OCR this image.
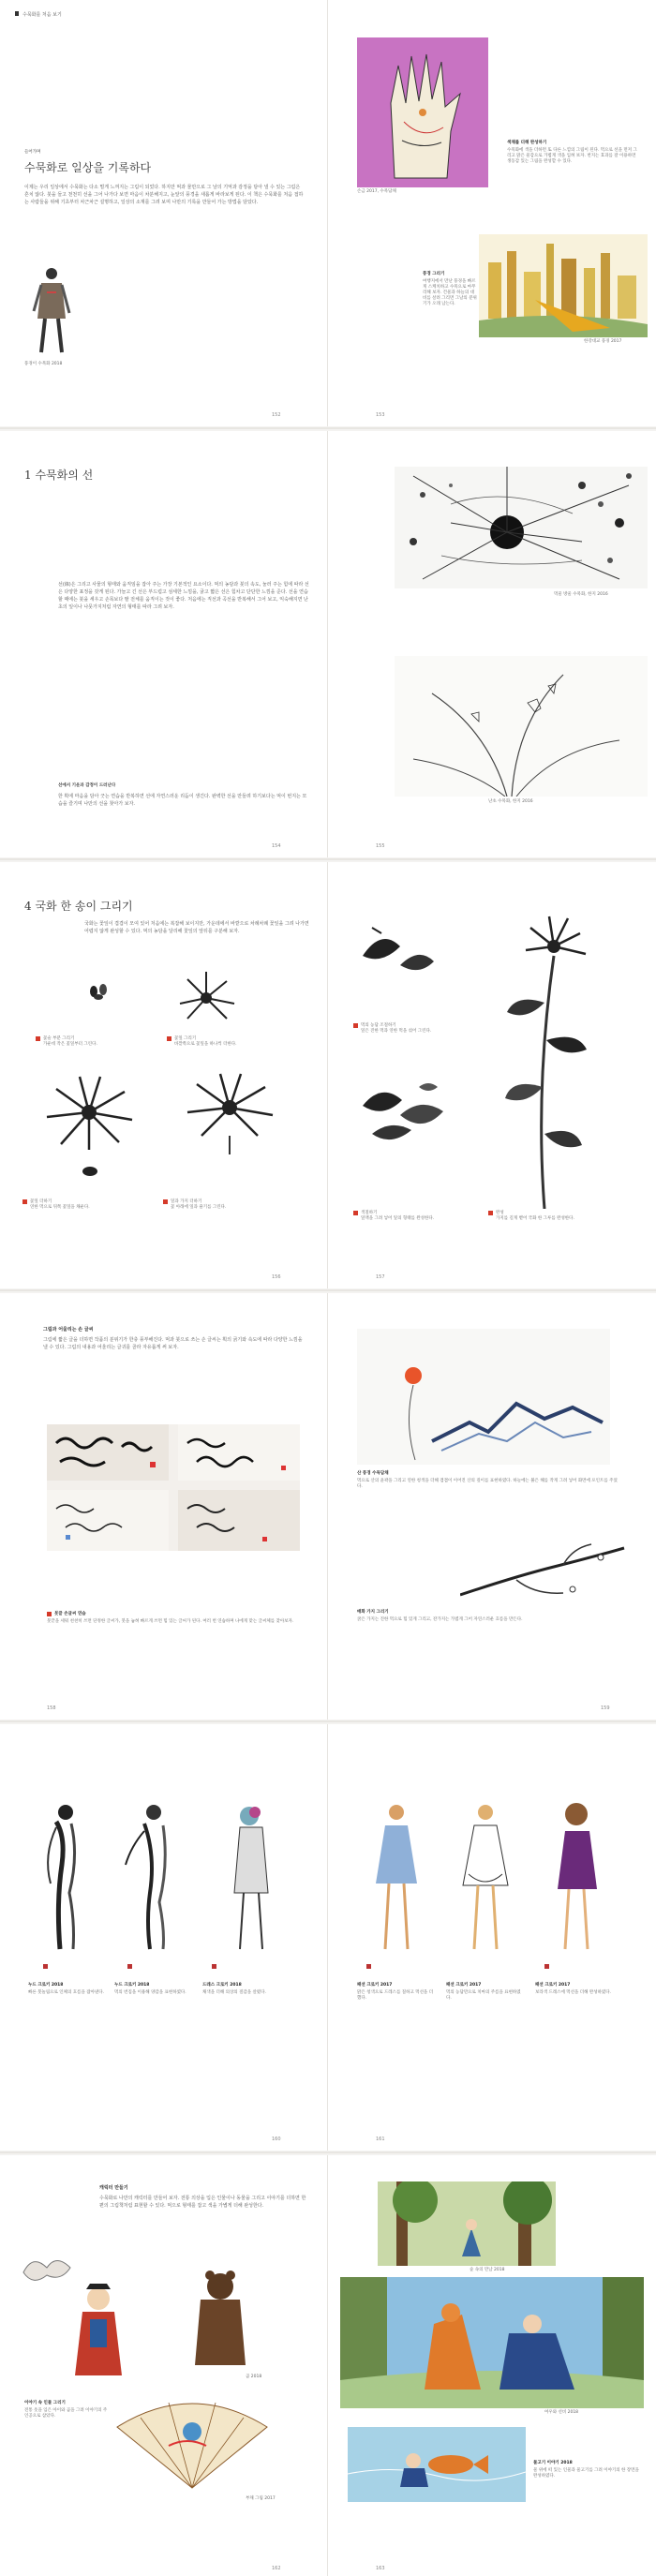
수묵화를 처음 보기
들어가며
수묵화로 일상을 기록하다
이제는 우리 일상에서 수묵화는 다소 멀게 느껴지는 그림이 되었다. 하지만 먹과 물만으로 그 날의 기억과 감정을 담아 낼 수 있는 그림은 흔치 않다. 붓을 들고 천천히 선을 그어 나가다 보면 마음이 차분해지고, 눈앞의 풍경을 새롭게 바라보게 된다. 이 책은 수묵화를 처음 접하는 사람들을 위해 기초부터 차근차근 설명하고, 일상의 소재를 그려 보며 나만의 기록을 만들어 가는 방법을 담았다.
풍경이 수묵화 2018
152
손금 2017, 수묵담채
색채를 더해 완성하기
수묵화에 색을 더하면 또 다른 느낌의 그림이 된다. 먹으로 선을 먼저 그리고 맑은 물감으로 가볍게 색을 입혀 보자. 번지는 효과를 잘 이용하면 생동감 있는 그림을 완성할 수 있다.
풍경 그리기
여행지에서 만난 풍경을 빠르게 스케치하고 수묵으로 마무리해 보자. 건물과 하늘의 대비를 살려 그리면 그날의 분위기가 오래 남는다.
한강대교 풍경 2017
153
1 수묵화의 선
선(線)은 그리고 사물의 형태와 움직임을 잡아 주는 가장 기본적인 요소이다. 먹의 농담과 붓의 속도, 눌러 주는 힘에 따라 선은 다양한 표정을 갖게 된다. 가늘고 긴 선은 부드럽고 섬세한 느낌을, 굵고 짧은 선은 힘차고 단단한 느낌을 준다. 선을 연습할 때에는 붓을 세우고 손목보다 팔 전체를 움직이는 것이 좋다. 처음에는 직선과 곡선을 반복해서 그어 보고, 익숙해지면 난초의 잎이나 나뭇가지처럼 자연의 형태를 따라 그려 보자.
선에서 기운과 감정이 드러난다
한 획에 마음을 담아 긋는 연습을 반복하면 선에 자연스러운 리듬이 생긴다. 완벽한 선을 만들려 하기보다는 먹이 번지는 모습을 즐기며 나만의 선을 찾아가 보자.
154
먹물 방울 수묵화, 한지 2016
난초 수묵화, 한지 2016
155
4 국화 한 송이 그리기
국화는 꽃잎이 겹겹이 모여 있어 처음에는 복잡해 보이지만, 가운데에서 바깥으로 차례차례 꽃잎을 그려 나가면 어렵지 않게 완성할 수 있다. 먹의 농담을 달리해 꽃잎의 앞뒤를 구분해 보자.
꽃술 부분 그리기
가운데 작은 꽃잎부터 그린다.
꽃잎 그리기
바깥쪽으로 꽃잎을 하나씩 더한다.
꽃잎 더하기
연한 먹으로 뒤쪽 꽃잎을 채운다.
잎과 가지 더하기
꽃 아래에 잎과 줄기를 그린다.
156
먹의 농담 조절하기
잎은 진한 먹과 연한 먹을 섞어 그린다.
색칠하기
잎맥을 그려 넣어 잎의 형태를 완성한다.
완성
가지를 길게 뻗어 국화 한 그루를 완성한다.
157
그림과 어울리는 손 글씨
그림에 짧은 글을 더하면 작품의 분위기가 한층 풍부해진다. 먹과 붓으로 쓰는 손 글씨는 획의 굵기와 속도에 따라 다양한 느낌을 낼 수 있다. 그림의 내용과 어울리는 글귀를 골라 자유롭게 써 보자.
붓끝 손글씨 연습
붓끝을 세워 천천히 쓰면 단정한 글씨가, 붓을 눕혀 빠르게 쓰면 힘 있는 글씨가 된다. 여러 번 연습하며 나에게 맞는 글씨체를 찾아보자.
158
산 풍경 수묵담채
먹으로 산의 윤곽을 그리고 연한 청색을 더해 겹겹이 이어진 산의 깊이를 표현하였다. 하늘에는 붉은 해를 작게 그려 넣어 화면에 포인트를 주었다.
매화 가지 그리기
굵은 가지는 진한 먹으로 힘 있게 그리고, 잔가지는 가볍게 그어 자연스러운 흐름을 만든다.
159
누드 크로키 2018
빠른 붓놀림으로 인체의 흐름을 잡아낸다.
누드 크로키 2018
먹의 번짐을 이용해 양감을 표현하였다.
드레스 크로키 2018
채색을 더해 의상의 질감을 살렸다.
160
패션 크로키 2017
맑은 청색으로 드레스를 칠하고 먹선을 더했다.
패션 크로키 2017
먹의 농담만으로 치마의 주름을 표현하였다.
패션 크로키 2017
보라색 드레스에 먹선을 더해 완성하였다.
161
캐릭터 만들기
수묵화로 나만의 캐릭터를 만들어 보자. 전통 의상을 입은 인물이나 동물을 그리고 이야기를 더하면 한 편의 그림책처럼 표현할 수 있다. 먹으로 형태를 잡고 색을 가볍게 더해 완성한다.
곰 2018
이야기 속 인물 그리기
전통 옷을 입은 아이와 곰을 그려 이야기의 주인공으로 삼았다.
부채 그림 2017
162
숲 속의 만남 2018
여우와 선비 2018
물고기 이야기 2018
물 위에 떠 있는 인물과 물고기를 그려 이야기의 한 장면을 완성하였다.
163
